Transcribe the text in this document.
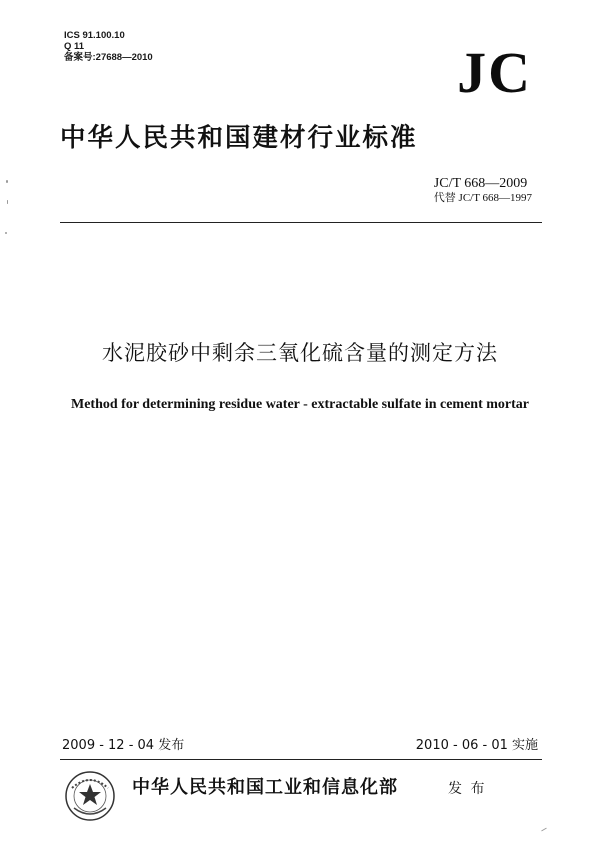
ICS 91.100.10
Q 11
备案号:27688—2010	JC
中华人民共和国建材行业标准
JC/T 668—2009
代替 JC/T 668—1997
水泥胶砂中剩余三氧化硫含量的测定方法
Method for determining residue water - extractable sulfate in cement mortar
2009 - 12 - 04 发布	2010 - 06 - 01 实施
中华人民共和国工业和信息化部	发 布
